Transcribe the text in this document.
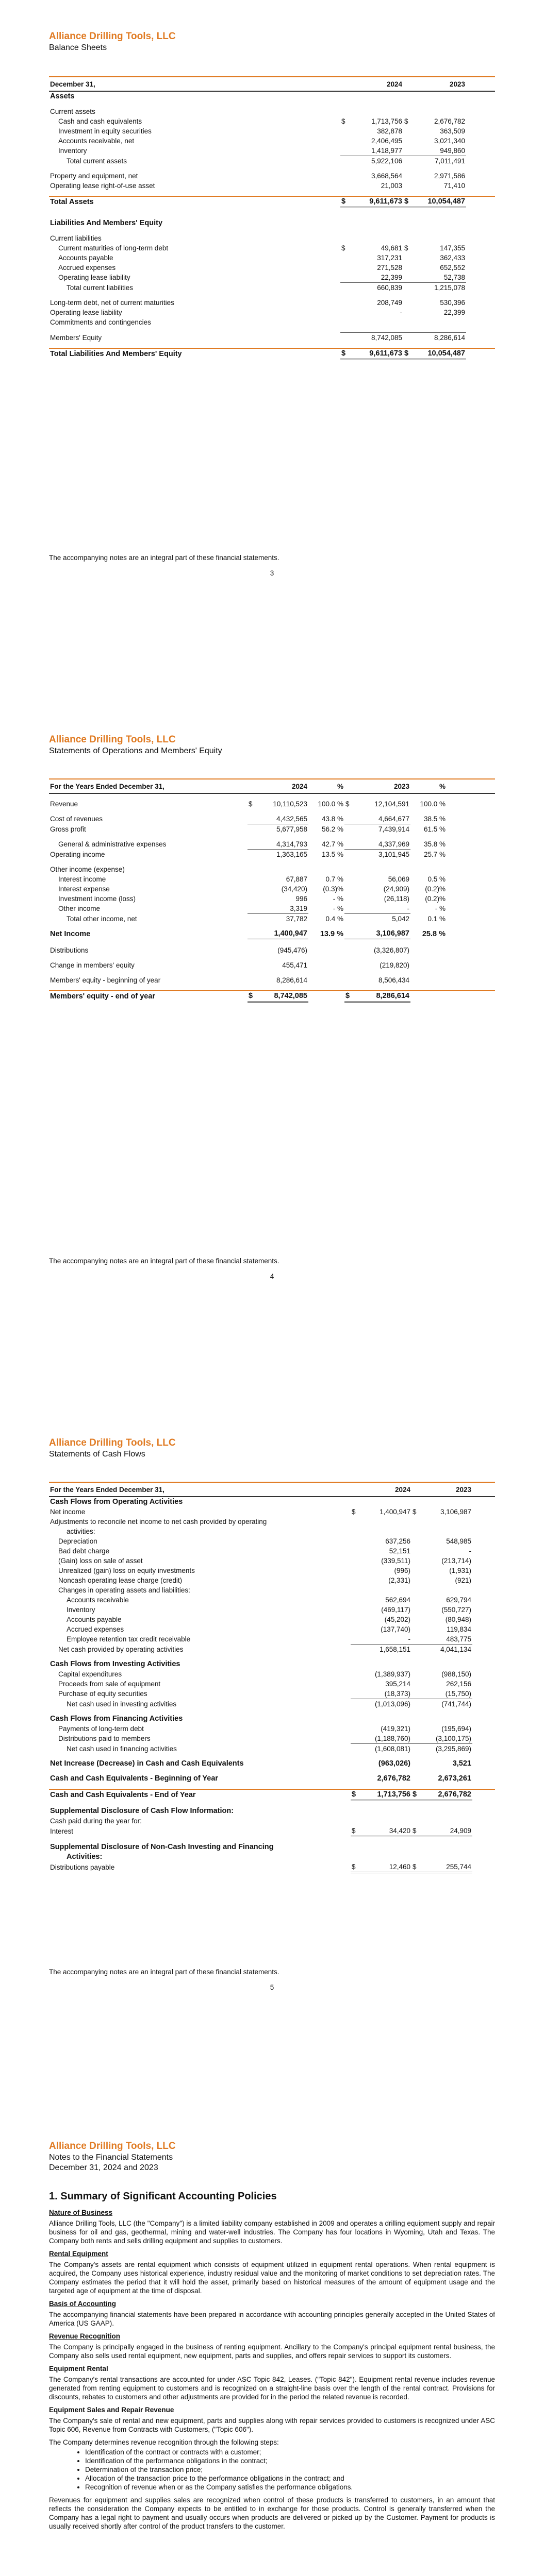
Alliance Drilling Tools, LLC
Balance Sheets
December 31,		2024		2023	
Assets					

Current assets					
Cash and cash equivalents	$	1,713,756	$	2,676,782	
Investment in equity securities		382,878		363,509	
Accounts receivable, net		2,406,495		3,021,340	
Inventory		1,418,977		949,860	
Total current assets		5,922,106		7,011,491	

Property and equipment, net		3,668,564		2,971,586	
Operating lease right-of-use asset		21,003		71,410	

Total Assets	$	9,611,673	$	10,054,487	

Liabilities And Members' Equity					

Current liabilities					
Current maturities of long-term debt	$	49,681	$	147,355	
Accounts payable		317,231		362,433	
Accrued expenses		271,528		652,552	
Operating lease liability		22,399		52,738	
Total current liabilities		660,839		1,215,078	

Long-term debt, net of current maturities		208,749		530,396	
Operating lease liability		-		22,399	
Commitments and contingencies					

Members' Equity		8,742,085		8,286,614	

Total Liabilities And Members' Equity	$	9,611,673	$	10,054,487	
The accompanying notes are an integral part of these financial statements.
3
Alliance Drilling Tools, LLC
Statements of Operations and Members' Equity
For the Years Ended December 31,		2024	%		2023	%	

Revenue	$	10,110,523	100.0 %	$	12,104,591	100.0 %	

Cost of revenues		4,432,565	43.8 %		4,664,677	38.5 %	
Gross profit		5,677,958	56.2 %		7,439,914	61.5 %	

General & administrative expenses		4,314,793	42.7 %		4,337,969	35.8 %	
Operating income		1,363,165	13.5 %		3,101,945	25.7 %	

Other income (expense)							
Interest income		67,887	0.7 %		56,069	0.5 %	
Interest expense		(34,420)	(0.3)%		(24,909)	(0.2)%	
Investment income (loss)		996	- %		(26,118)	(0.2)%	
Other income		3,319	- %		-	- %	
Total other income, net		37,782	0.4 %		5,042	0.1 %	

Net Income		1,400,947	13.9 %		3,106,987	25.8 %	

Distributions		(945,476)			(3,326,807)		

Change in members' equity		455,471			(219,820)		

Members' equity - beginning of year		8,286,614			8,506,434		

Members' equity - end of year	$	8,742,085		$	8,286,614		
The accompanying notes are an integral part of these financial statements.
4
Alliance Drilling Tools, LLC
Statements of Cash Flows
For the Years Ended December 31,		2024		2023	
Cash Flows from Operating Activities					
Net income	$	1,400,947	$	3,106,987	
Adjustments to reconcile net income to net cash provided by operating					
activities:					
Depreciation		637,256		548,985	
Bad debt charge		52,151		-	
(Gain) loss on sale of asset		(339,511)		(213,714)	
Unrealized (gain) loss on equity investments		(996)		(1,931)	
Noncash operating lease charge (credit)		(2,331)		(921)	
Changes in operating assets and liabilities:					
Accounts receivable		562,694		629,794	
Inventory		(469,117)		(550,727)	
Accounts payable		(45,202)		(80,948)	
Accrued expenses		(137,740)		119,834	
Employee retention tax credit receivable		-		483,775	
Net cash provided by operating activities		1,658,151		4,041,134	

Cash Flows from Investing Activities					
Capital expenditures		(1,389,937)		(988,150)	
Proceeds from sale of equipment		395,214		262,156	
Purchase of equity securities		(18,373)		(15,750)	
Net cash used in investing activities		(1,013,096)		(741,744)	

Cash Flows from Financing Activities					
Payments of long-term debt		(419,321)		(195,694)	
Distributions paid to members		(1,188,760)		(3,100,175)	
Net cash used in financing activities		(1,608,081)		(3,295,869)	

Net Increase (Decrease) in Cash and Cash Equivalents		(963,026)		3,521	

Cash and Cash Equivalents - Beginning of Year		2,676,782		2,673,261	

Cash and Cash Equivalents - End of Year	$	1,713,756	$	2,676,782	

Supplemental Disclosure of Cash Flow Information:					
Cash paid during the year for:					
Interest	$	34,420	$	24,909	

Supplemental Disclosure of Non-Cash Investing and Financing					
Activities:					
Distributions payable	$	12,460	$	255,744	
The accompanying notes are an integral part of these financial statements.
5
Alliance Drilling Tools, LLC
Notes to the Financial Statements
December 31, 2024 and 2023
1. Summary of Significant Accounting Policies
Nature of Business

Alliance Drilling Tools, LLC (the "Company") is a limited liability company established in 2009 and operates a drilling equipment supply and repair business for oil and gas, geothermal, mining and water-well industries. The Company has four locations in Wyoming, Utah and Texas. The Company both rents and sells drilling equipment and supplies to customers.

Rental Equipment

The Company's assets are rental equipment which consists of equipment utilized in equipment rental operations. When rental equipment is acquired, the Company uses historical experience, industry residual value and the monitoring of market conditions to set depreciation rates. The Company estimates the period that it will hold the asset, primarily based on historical measures of the amount of equipment usage and the targeted age of equipment at the time of disposal.

Basis of Accounting

The accompanying financial statements have been prepared in accordance with accounting principles generally accepted in the United States of America (US GAAP).

Revenue Recognition

The Company is principally engaged in the business of renting equipment. Ancillary to the Company's principal equipment rental business, the Company also sells used rental equipment, new equipment, parts and supplies, and offers repair services to support its customers.

Equipment Rental

The Company's rental transactions are accounted for under ASC Topic 842, Leases. ("Topic 842"). Equipment rental revenue includes revenue generated from renting equipment to customers and is recognized on a straight-line basis over the length of the rental contract. Provisions for discounts, rebates to customers and other adjustments are provided for in the period the related revenue is recorded.

Equipment Sales and Repair Revenue

The Company's sale of rental and new equipment, parts and supplies along with repair services provided to customers is recognized under ASC Topic 606, Revenue from Contracts with Customers, ("Topic 606").

The Company determines revenue recognition through the following steps:

• Identification of the contract or contracts with a customer;
• Identification of the performance obligations in the contract;
• Determination of the transaction price;
• Allocation of the transaction price to the performance obligations in the contract; and
• Recognition of revenue when or as the Company satisfies the performance obligations.

Revenues for equipment and supplies sales are recognized when control of these products is transferred to customers, in an amount that reflects the consideration the Company expects to be entitled to in exchange for those products. Control is generally transferred when the Company has a legal right to payment and usually occurs when products are delivered or picked up by the Customer. Payment for products is usually received shortly after control of the product transfers to the customer.
